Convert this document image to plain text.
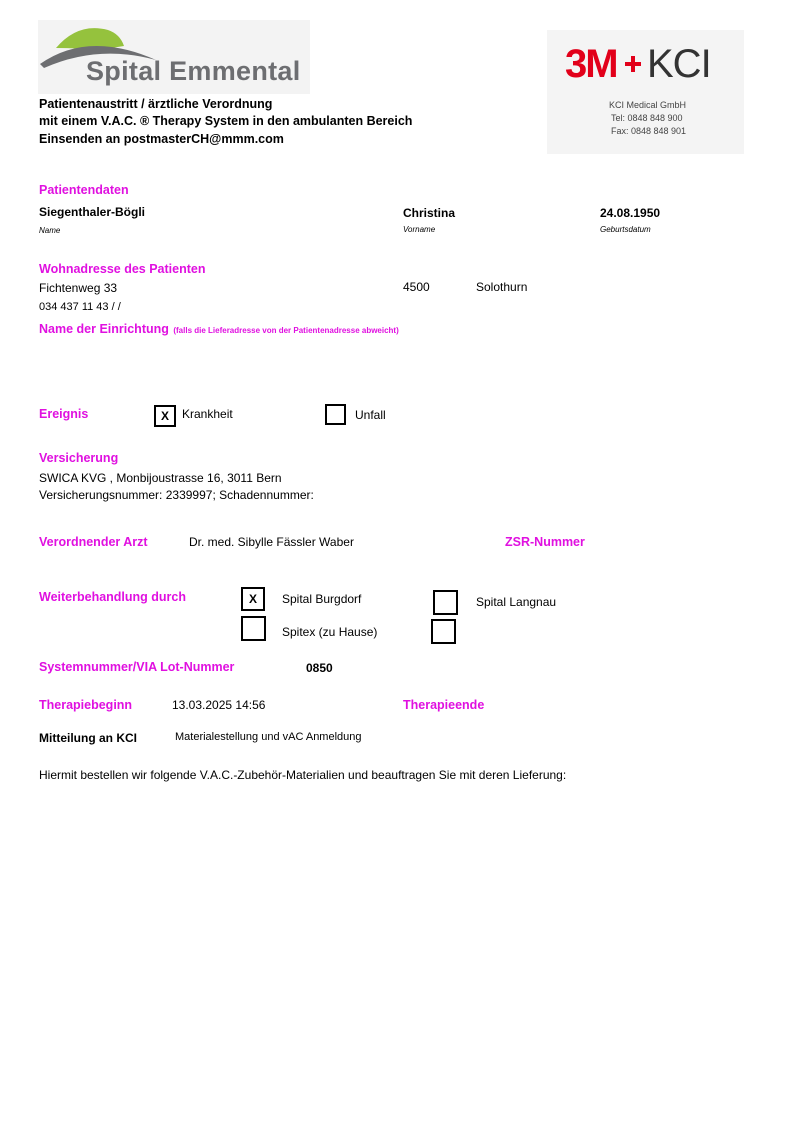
Spital Emmental	3M KCI
KCI Medical GmbH
Tel: 0848 848 900
Fax: 0848 848 901
Patientenaustritt / ärztliche Verordnung
mit einem V.A.C. ® Therapy System in den ambulanten Bereich
Einsenden an postmasterCH@mmm.com
Patientendaten
Siegenthaler-Bögli
Name
Christina
Vorname
24.08.1950
Geburtsdatum
Wohnadresse des Patienten
Fichtenweg 33	4500	Solothurn
034 437 11 43 / /
Name der Einrichtung (falls die Lieferadresse von der Patientenadresse abweicht)
Ereignis	X	Krankheit	Unfall
Versicherung
SWICA KVG , Monbijoustrasse 16, 3011 Bern
Versicherungsnummer: 2339997; Schadennummer:
Verordnender Arzt	Dr. med. Sibylle Fässler Waber	ZSR-Nummer
Weiterbehandlung durch	X	Spital Burgdorf	Spital Langnau
Spitex (zu Hause)
Systemnummer/VIA Lot-Nummer	0850
Therapiebeginn	13.03.2025 14:56	Therapieende
Mitteilung an KCI	Materialestellung und vAC Anmeldung
Hiermit bestellen wir folgende V.A.C.-Zubehör-Materialien und beauftragen Sie mit deren Lieferung:
